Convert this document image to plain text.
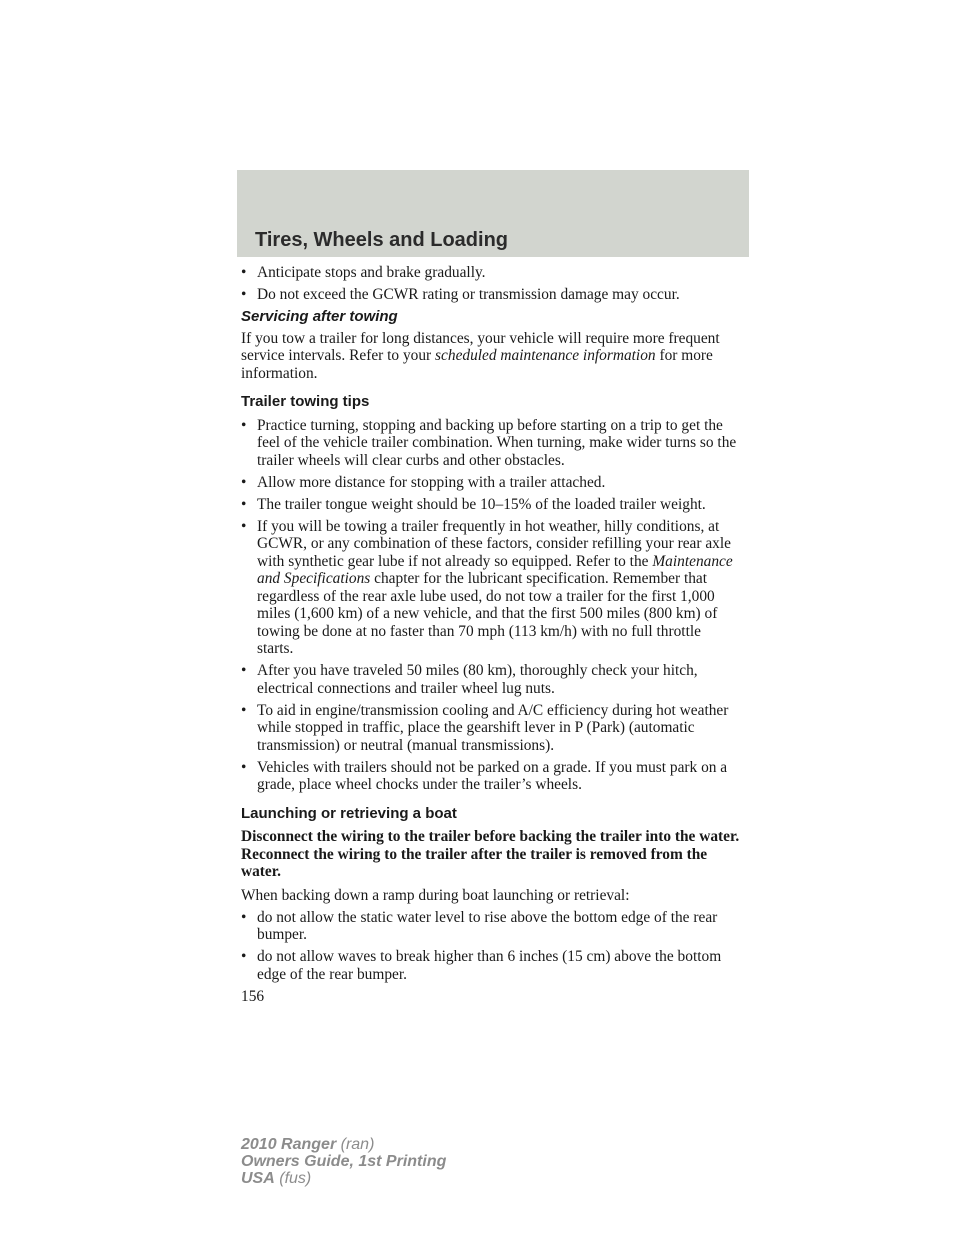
Tires, Wheels and Loading
• Anticipate stops and brake gradually.
• Do not exceed the GCWR rating or transmission damage may occur.
Servicing after towing
If you tow a trailer for long distances, your vehicle will require more frequent service intervals. Refer to your scheduled maintenance information for more information.
Trailer towing tips
• Practice turning, stopping and backing up before starting on a trip to get the feel of the vehicle trailer combination. When turning, make wider turns so the trailer wheels will clear curbs and other obstacles.
• Allow more distance for stopping with a trailer attached.
• The trailer tongue weight should be 10–15% of the loaded trailer weight.
• If you will be towing a trailer frequently in hot weather, hilly conditions, at GCWR, or any combination of these factors, consider refilling your rear axle with synthetic gear lube if not already so equipped. Refer to the Maintenance and Specifications chapter for the lubricant specification. Remember that regardless of the rear axle lube used, do not tow a trailer for the first 1,000 miles (1,600 km) of a new vehicle, and that the first 500 miles (800 km) of towing be done at no faster than 70 mph (113 km/h) with no full throttle starts.
• After you have traveled 50 miles (80 km), thoroughly check your hitch, electrical connections and trailer wheel lug nuts.
• To aid in engine/transmission cooling and A/C efficiency during hot weather while stopped in traffic, place the gearshift lever in P (Park) (automatic transmission) or neutral (manual transmissions).
• Vehicles with trailers should not be parked on a grade. If you must park on a grade, place wheel chocks under the trailer’s wheels.
Launching or retrieving a boat
Disconnect the wiring to the trailer before backing the trailer into the water. Reconnect the wiring to the trailer after the trailer is removed from the water.
When backing down a ramp during boat launching or retrieval:
• do not allow the static water level to rise above the bottom edge of the rear bumper.
• do not allow waves to break higher than 6 inches (15 cm) above the bottom edge of the rear bumper.
156
2010 Ranger (ran)
Owners Guide, 1st Printing
USA (fus)
